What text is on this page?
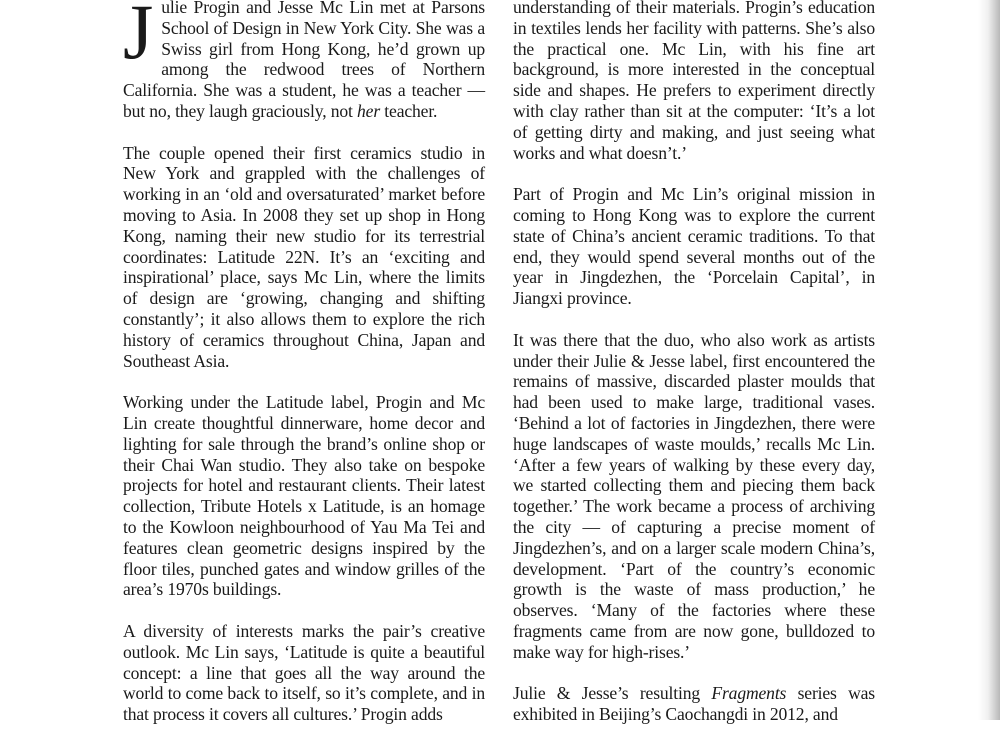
Julie Progin and Jesse Mc Lin met at Parsons School of Design in New York City. She was a Swiss girl from Hong Kong, he’d grown up among the redwood trees of Northern California. She was a student, he was a teacher — but no, they laugh graciously, not her teacher.

The couple opened their first ceramics studio in New York and grappled with the challenges of working in an ‘old and oversaturated’ market before moving to Asia. In 2008 they set up shop in Hong Kong, naming their new studio for its terrestrial coordinates: Latitude 22N. It’s an ‘exciting and inspirational’ place, says Mc Lin, where the limits of design are ‘growing, changing and shifting constantly’; it also allows them to explore the rich history of ceramics throughout China, Japan and Southeast Asia.

Working under the Latitude label, Progin and Mc Lin create thoughtful dinnerware, home decor and lighting for sale through the brand’s online shop or their Chai Wan studio. They also take on bespoke projects for hotel and restaurant clients. Their latest collection, Tribute Hotels x Latitude, is an homage to the Kowloon neighbourhood of Yau Ma Tei and features clean geometric designs inspired by the floor tiles, punched gates and window grilles of the area’s 1970s buildings.

A diversity of interests marks the pair’s creative outlook. Mc Lin says, ‘Latitude is quite a beautiful concept: a line that goes all the way around the world to come back to itself, so it’s complete, and in that process it covers all cultures.’ Progin adds

understanding of their materials. Progin’s education in textiles lends her facility with patterns. She’s also the practical one. Mc Lin, with his fine art background, is more interested in the conceptual side and shapes. He prefers to experiment directly with clay rather than sit at the computer: ‘It’s a lot of getting dirty and making, and just seeing what works and what doesn’t.’

Part of Progin and Mc Lin’s original mission in coming to Hong Kong was to explore the current state of China’s ancient ceramic traditions. To that end, they would spend several months out of the year in Jingdezhen, the ‘Porcelain Capital’, in Jiangxi province.

It was there that the duo, who also work as artists under their Julie & Jesse label, first encountered the remains of massive, discarded plaster moulds that had been used to make large, traditional vases. ‘Behind a lot of factories in Jingdezhen, there were huge landscapes of waste moulds,’ recalls Mc Lin. ‘After a few years of walking by these every day, we started collecting them and piecing them back together.’ The work became a process of archiving the city — of capturing a precise moment of Jingdezhen’s, and on a larger scale modern China’s, development. ‘Part of the country’s economic growth is the waste of mass production,’ he observes. ‘Many of the factories where these fragments came from are now gone, bulldozed to make way for high-rises.’

Julie & Jesse’s resulting Fragments series was exhibited in Beijing’s Caochangdi in 2012, and
